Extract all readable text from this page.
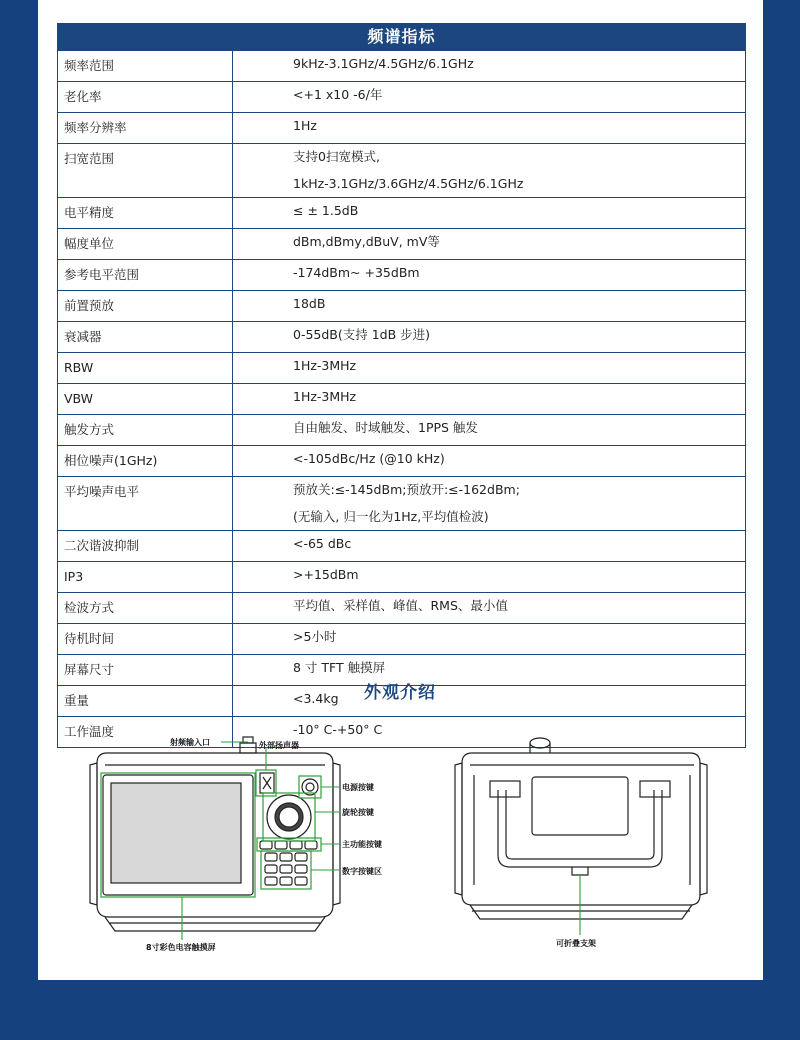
频谱指标
频率范围	9kHz-3.1GHz/4.5GHz/6.1GHz

老化率	<+1 x10 -6/年

频率分辨率	1Hz

扫宽范围	支持0扫宽模式,
1kHz-3.1GHz/3.6GHz/4.5GHz/6.1GHz

电平精度	≤ ± 1.5dB

幅度单位	dBm,dBmy,dBuV, mV等

参考电平范围	-174dBm~ +35dBm

前置预放	18dB

衰减器	0-55dB(支持 1dB 步进)

RBW	1Hz-3MHz

VBW	1Hz-3MHz

触发方式	自由触发、时域触发、1PPS 触发

相位噪声(1GHz)	<-105dBc/Hz (@10 kHz)

平均噪声电平	预放关:≤-145dBm;预放开:≤-162dBm;
(无输入, 归一化为1Hz,平均值检波)

二次谐波抑制	<-65 dBc

IP3	>+15dBm

检波方式	平均值、采样值、峰值、RMS、最小值

待机时间	>5小时

屏幕尺寸	8 寸 TFT 触摸屏

重量	<3.4kg

工作温度	-10° C-+50° C
外观介绍
射频输入口	外部扬声器
电源按键
旋轮按键
主功能按键
数字按键区
8寸彩色电容触摸屏	可折叠支架
